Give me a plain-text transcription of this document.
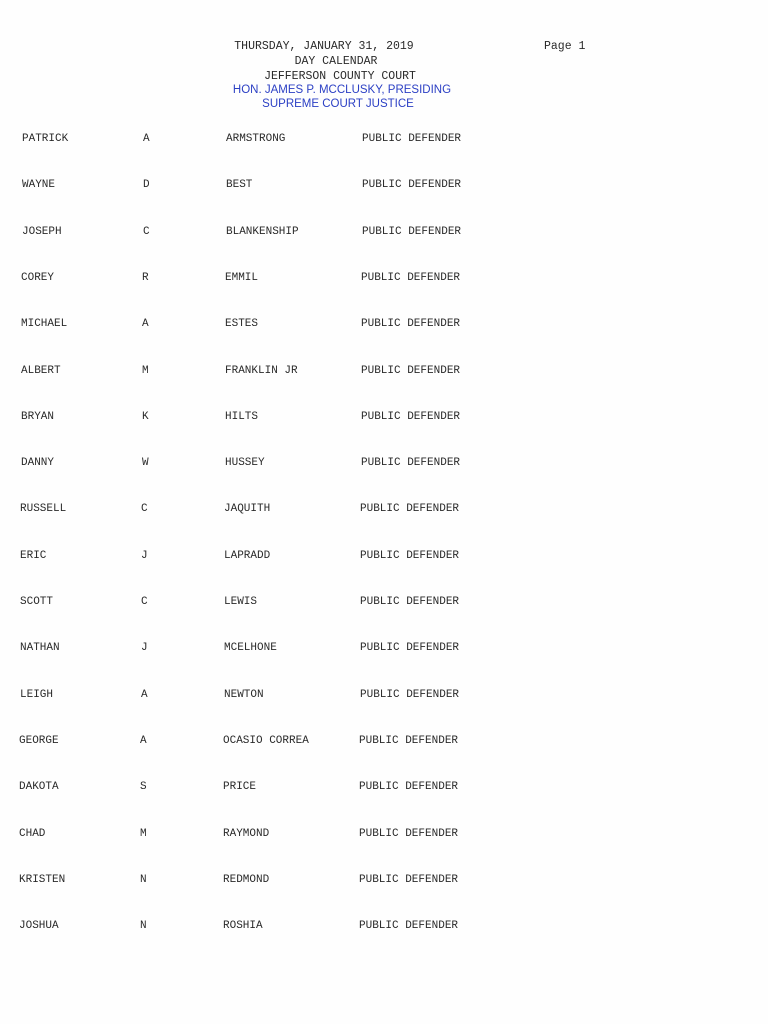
THURSDAY, JANUARY 31, 2019
DAY CALENDAR
JEFFERSON COUNTY COURT
HON. JAMES P. MCCLUSKY, PRESIDING
SUPREME COURT JUSTICE
Page 1
PATRICK	A	ARMSTRONG	PUBLIC DEFENDER
WAYNE	D	BEST	PUBLIC DEFENDER
JOSEPH	C	BLANKENSHIP	PUBLIC DEFENDER
COREY	R	EMMIL	PUBLIC DEFENDER
MICHAEL	A	ESTES	PUBLIC DEFENDER
ALBERT	M	FRANKLIN JR	PUBLIC DEFENDER
BRYAN	K	HILTS	PUBLIC DEFENDER
DANNY	W	HUSSEY	PUBLIC DEFENDER
RUSSELL	C	JAQUITH	PUBLIC DEFENDER
ERIC	J	LAPRADD	PUBLIC DEFENDER
SCOTT	C	LEWIS	PUBLIC DEFENDER
NATHAN	J	MCELHONE	PUBLIC DEFENDER
LEIGH	A	NEWTON	PUBLIC DEFENDER
GEORGE	A	OCASIO CORREA	PUBLIC DEFENDER
DAKOTA	S	PRICE	PUBLIC DEFENDER
CHAD	M	RAYMOND	PUBLIC DEFENDER
KRISTEN	N	REDMOND	PUBLIC DEFENDER
JOSHUA	N	ROSHIA	PUBLIC DEFENDER
